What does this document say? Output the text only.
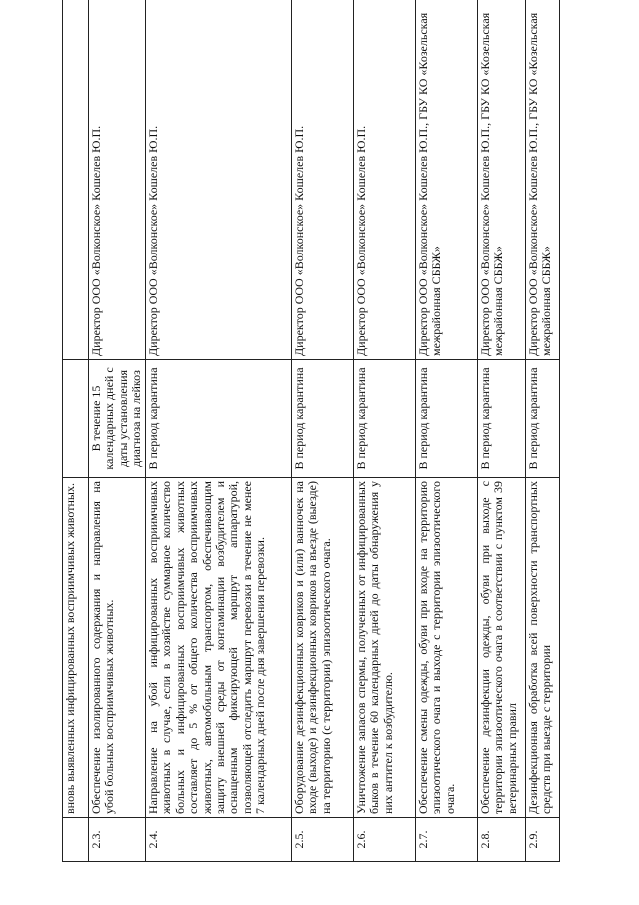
	вновь выявленных инфицированных восприимчивых животных.		
2.3.	Обеспечение изолированного содержания и направления на убой больных восприимчивых животных.	В течение 15 календарных дней с даты установления диагноза на лейкоз	Директор ООО «Волконское» Кошелев Ю.П.
2.4.	Направление на убой инфицированных восприимчивых животных в случае, если в хозяйстве суммарное количество больных и инфицированных восприимчивых животных составляет до 5 % от общего количества восприимчивых животных, автомобильным транспортом, обеспечивающим защиту внешней среды от контаминации возбудителем и оснащенным фиксирующей маршрут аппаратурой, позволяющей отследить маршрут перевозки в течение не менее 7 календарных дней после дня завершения перевозки.	В период карантина	Директор ООО «Волконское» Кошелев Ю.П.
2.5.	Оборудование дезинфекционных ковриков и (или) ванночек на входе (выходе) и дезинфекционных ковриков на въезде (выезде) на территорию (с территории) эпизоотического очага.	В период карантина	Директор ООО «Волконское» Кошелев Ю.П.
2.6.	Уничтожение запасов спермы, полученных от инфицированных быков в течение 60 календарных дней до даты обнаружения у них антител к возбудителю.	В период карантина	Директор ООО «Волконское» Кошелев Ю.П.
2.7.	Обеспечение смены одежды, обуви при входе на территорию эпизоотического очага и выходе с территории эпизоотического очага.	В период карантина	Директор ООО «Волконское» Кошелев Ю.П., ГБУ КО «Козельская межрайонная СББЖ»
2.8.	Обеспечение дезинфекции одежды, обуви при выходе с территории эпизоотического очага в соответствии с пунктом 39 ветеринарных правил	В период карантина	Директор ООО «Волконское» Кошелев Ю.П., ГБУ КО «Козельская межрайонная СББЖ»
2.9.	Дезинфекционная обработка всей поверхности транспортных средств при выезде с территории	В период карантина	Директор ООО «Волконское» Кошелев Ю.П., ГБУ КО «Козельская межрайонная СББЖ»
